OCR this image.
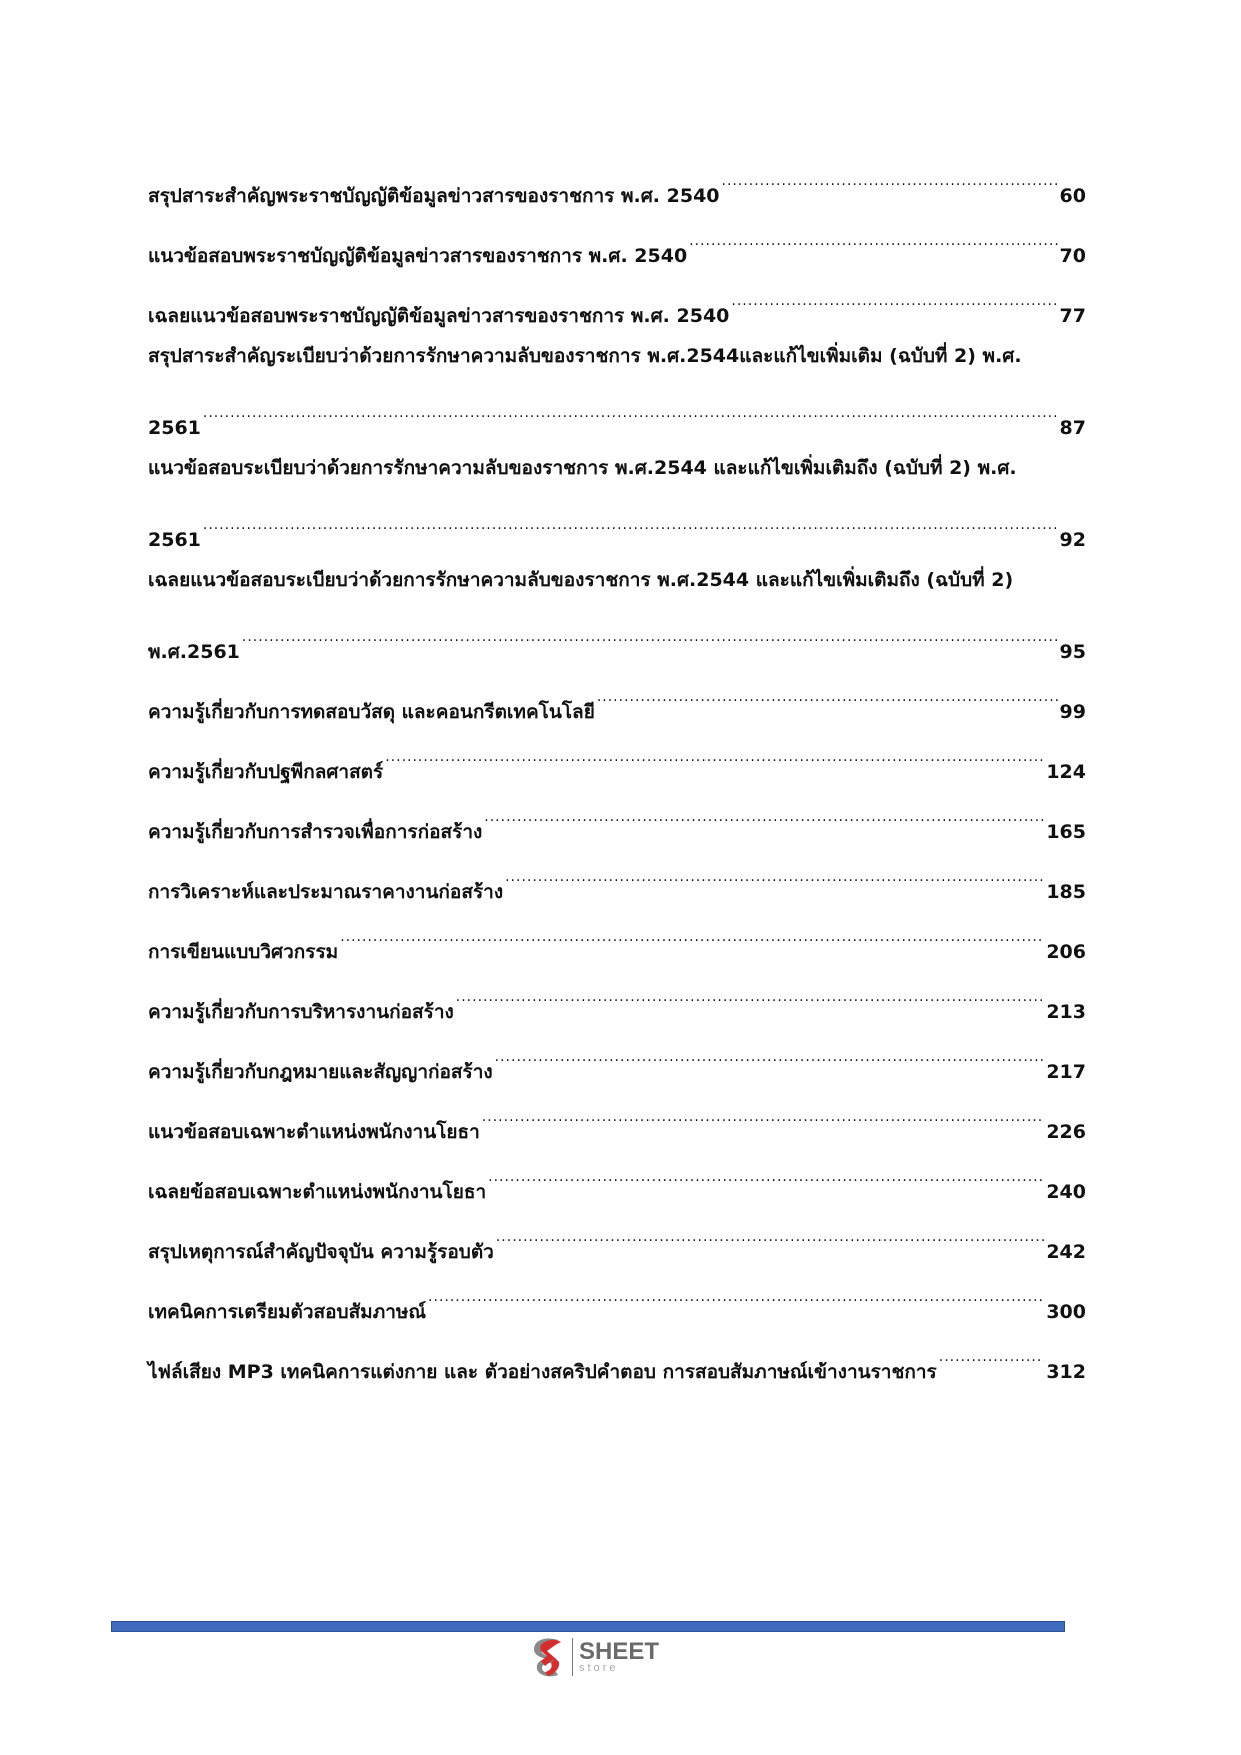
สรุปสาระสำคัญพระราชบัญญัติข้อมูลข่าวสารของราชการ พ.ศ. 2540 .....	60
แนวข้อสอบพระราชบัญญัติข้อมูลข่าวสารของราชการ พ.ศ. 2540 .....	70
เฉลยแนวข้อสอบพระราชบัญญัติข้อมูลข่าวสารของราชการ พ.ศ. 2540 .....	77
สรุปสาระสำคัญระเบียบว่าด้วยการรักษาความลับของราชการ พ.ศ.2544และแก้ไขเพิ่มเติม (ฉบับที่ 2) พ.ศ.
2561 .....	87
แนวข้อสอบระเบียบว่าด้วยการรักษาความลับของราชการ พ.ศ.2544 และแก้ไขเพิ่มเติมถึง (ฉบับที่ 2) พ.ศ.
2561 .....	92
เฉลยแนวข้อสอบระเบียบว่าด้วยการรักษาความลับของราชการ พ.ศ.2544 และแก้ไขเพิ่มเติมถึง (ฉบับที่ 2)
พ.ศ.2561 .....	95
ความรู้เกี่ยวกับการทดสอบวัสดุ และคอนกรีตเทคโนโลยี .....	99
ความรู้เกี่ยวกับปฐพีกลศาสตร์ .....	124
ความรู้เกี่ยวกับการสำรวจเพื่อการก่อสร้าง .....	165
การวิเคราะห์และประมาณราคางานก่อสร้าง .....	185
การเขียนแบบวิศวกรรม .....	206
ความรู้เกี่ยวกับการบริหารงานก่อสร้าง .....	213
ความรู้เกี่ยวกับกฎหมายและสัญญาก่อสร้าง .....	217
แนวข้อสอบเฉพาะตำแหน่งพนักงานโยธา .....	226
เฉลยข้อสอบเฉพาะตำแหน่งพนักงานโยธา .....	240
สรุปเหตุการณ์สำคัญปัจจุบัน ความรู้รอบตัว .....	242
เทคนิคการเตรียมตัวสอบสัมภาษณ์ .....	300
ไฟล์เสียง MP3 เทคนิคการแต่งกาย และ ตัวอย่างสคริปคำตอบ การสอบสัมภาษณ์เข้างานราชการ .....	312
SHEET
store
